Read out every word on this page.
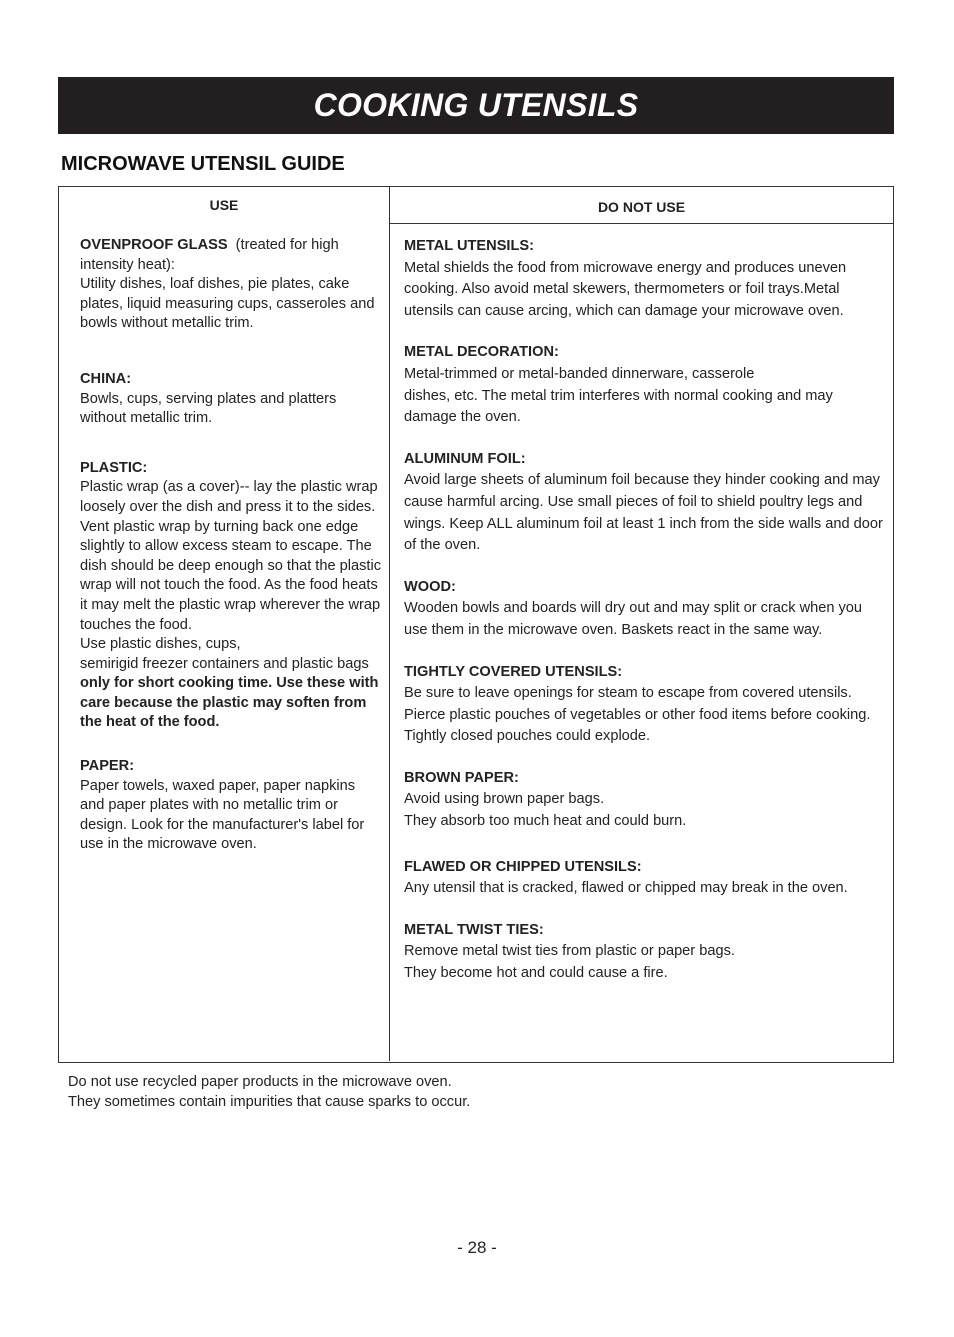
COOKING UTENSILS
MICROWAVE UTENSIL GUIDE
USE	DO NOT USE

OVENPROOF GLASS  (treated for high intensity heat):
Utility dishes, loaf dishes, pie plates, cake plates, liquid measuring cups, casseroles and bowls without metallic trim.

CHINA:
Bowls, cups, serving plates and platters without metallic trim.

PLASTIC:
Plastic wrap (as a cover)-- lay the plastic wrap loosely over the dish and press it to the sides.
Vent plastic wrap by turning back one edge slightly to allow excess steam to escape. The dish should be deep enough so that the plastic wrap will not touch the food. As the food heats it may melt the plastic wrap wherever the wrap touches the food.
Use plastic dishes, cups,
semirigid freezer containers and plastic bags only for short cooking time. Use these with care because the plastic may soften from the heat of the food.

PAPER:
Paper towels, waxed paper, paper napkins and paper plates with no metallic trim or design. Look for the manufacturer's label for use in the microwave oven.

METAL UTENSILS:
Metal shields the food from microwave energy and produces uneven cooking. Also avoid metal skewers, thermometers or foil trays.Metal utensils can cause arcing, which can damage your microwave oven.

METAL DECORATION:
Metal-trimmed or metal-banded dinnerware, casserole
dishes, etc. The metal trim interferes with normal cooking and may damage the oven.

ALUMINUM FOIL:
Avoid large sheets of aluminum foil because they hinder cooking and may cause harmful arcing. Use small pieces of foil to shield poultry legs and wings. Keep ALL aluminum foil at least 1 inch from the side walls and door of the oven.

WOOD:
Wooden bowls and boards will dry out and may split or crack when you use them in the microwave oven. Baskets react in the same way.

TIGHTLY COVERED UTENSILS:
Be sure to leave openings for steam to escape from covered utensils. Pierce plastic pouches of vegetables or other food items before cooking. Tightly closed pouches could explode.

BROWN PAPER:
Avoid using brown paper bags.
They absorb too much heat and could burn.

FLAWED OR CHIPPED UTENSILS:
Any utensil that is cracked, flawed or chipped may break in the oven.

METAL TWIST TIES:
Remove metal twist ties from plastic or paper bags.
They become hot and could cause a fire.

Do not use recycled paper products in the microwave oven.
They sometimes contain impurities that cause sparks to occur.
- 28 -
